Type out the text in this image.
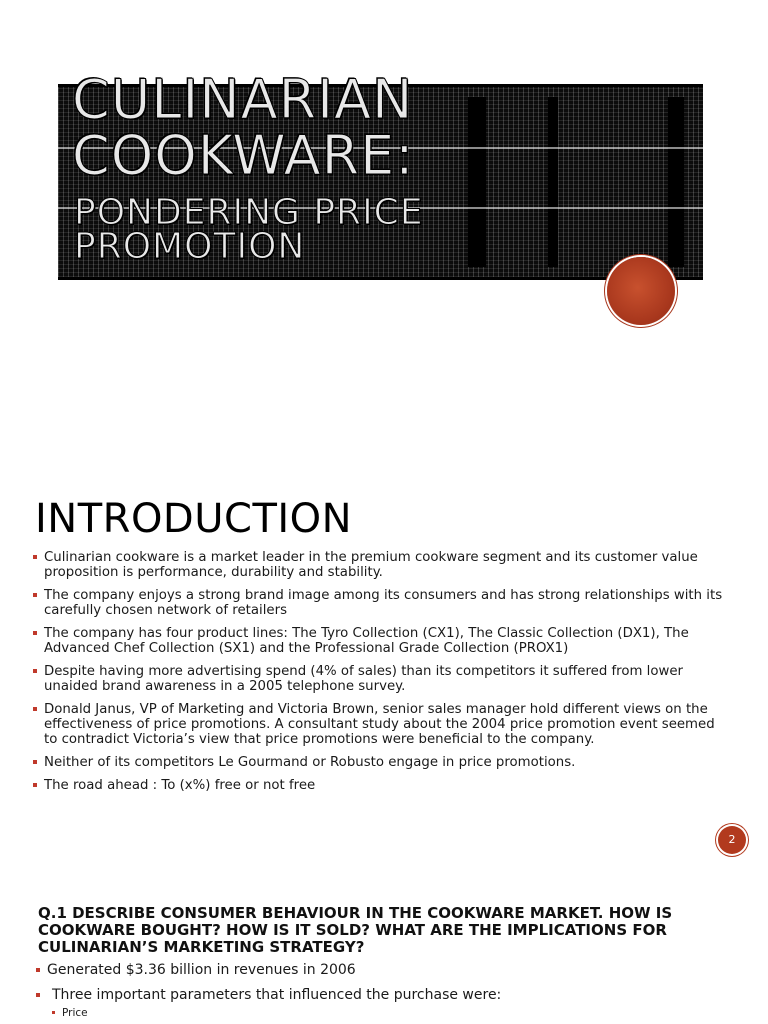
CULINARIAN COOKWARE:
PONDERING PRICE PROMOTION
INTRODUCTION
Culinarian cookware is a market leader in the premium cookware segment and its customer value proposition is performance, durability and stability.
The company enjoys a strong brand image among its consumers and has strong relationships with its carefully chosen network of retailers
The company has four product lines: The Tyro Collection (CX1), The Classic Collection (DX1), The Advanced Chef Collection (SX1) and the Professional Grade Collection (PROX1)
Despite having more advertising spend (4% of sales) than its competitors it suffered from lower unaided brand awareness in a 2005 telephone survey.
Donald Janus, VP of Marketing and Victoria Brown, senior sales manager hold different views on the effectiveness of price promotions. A consultant study about the 2004 price promotion event seemed to contradict Victoria’s view that price promotions were beneficial to the company.
Neither of its competitors Le Gourmand or Robusto engage in price promotions.
The road ahead : To (x%) free or not free
2
Q.1 DESCRIBE CONSUMER BEHAVIOUR IN THE COOKWARE MARKET. HOW IS COOKWARE BOUGHT? HOW IS IT SOLD? WHAT ARE THE IMPLICATIONS FOR CULINARIAN’S MARKETING STRATEGY?
Generated $3.36 billion in revenues in 2006
Three important parameters that influenced the purchase were:
Price
